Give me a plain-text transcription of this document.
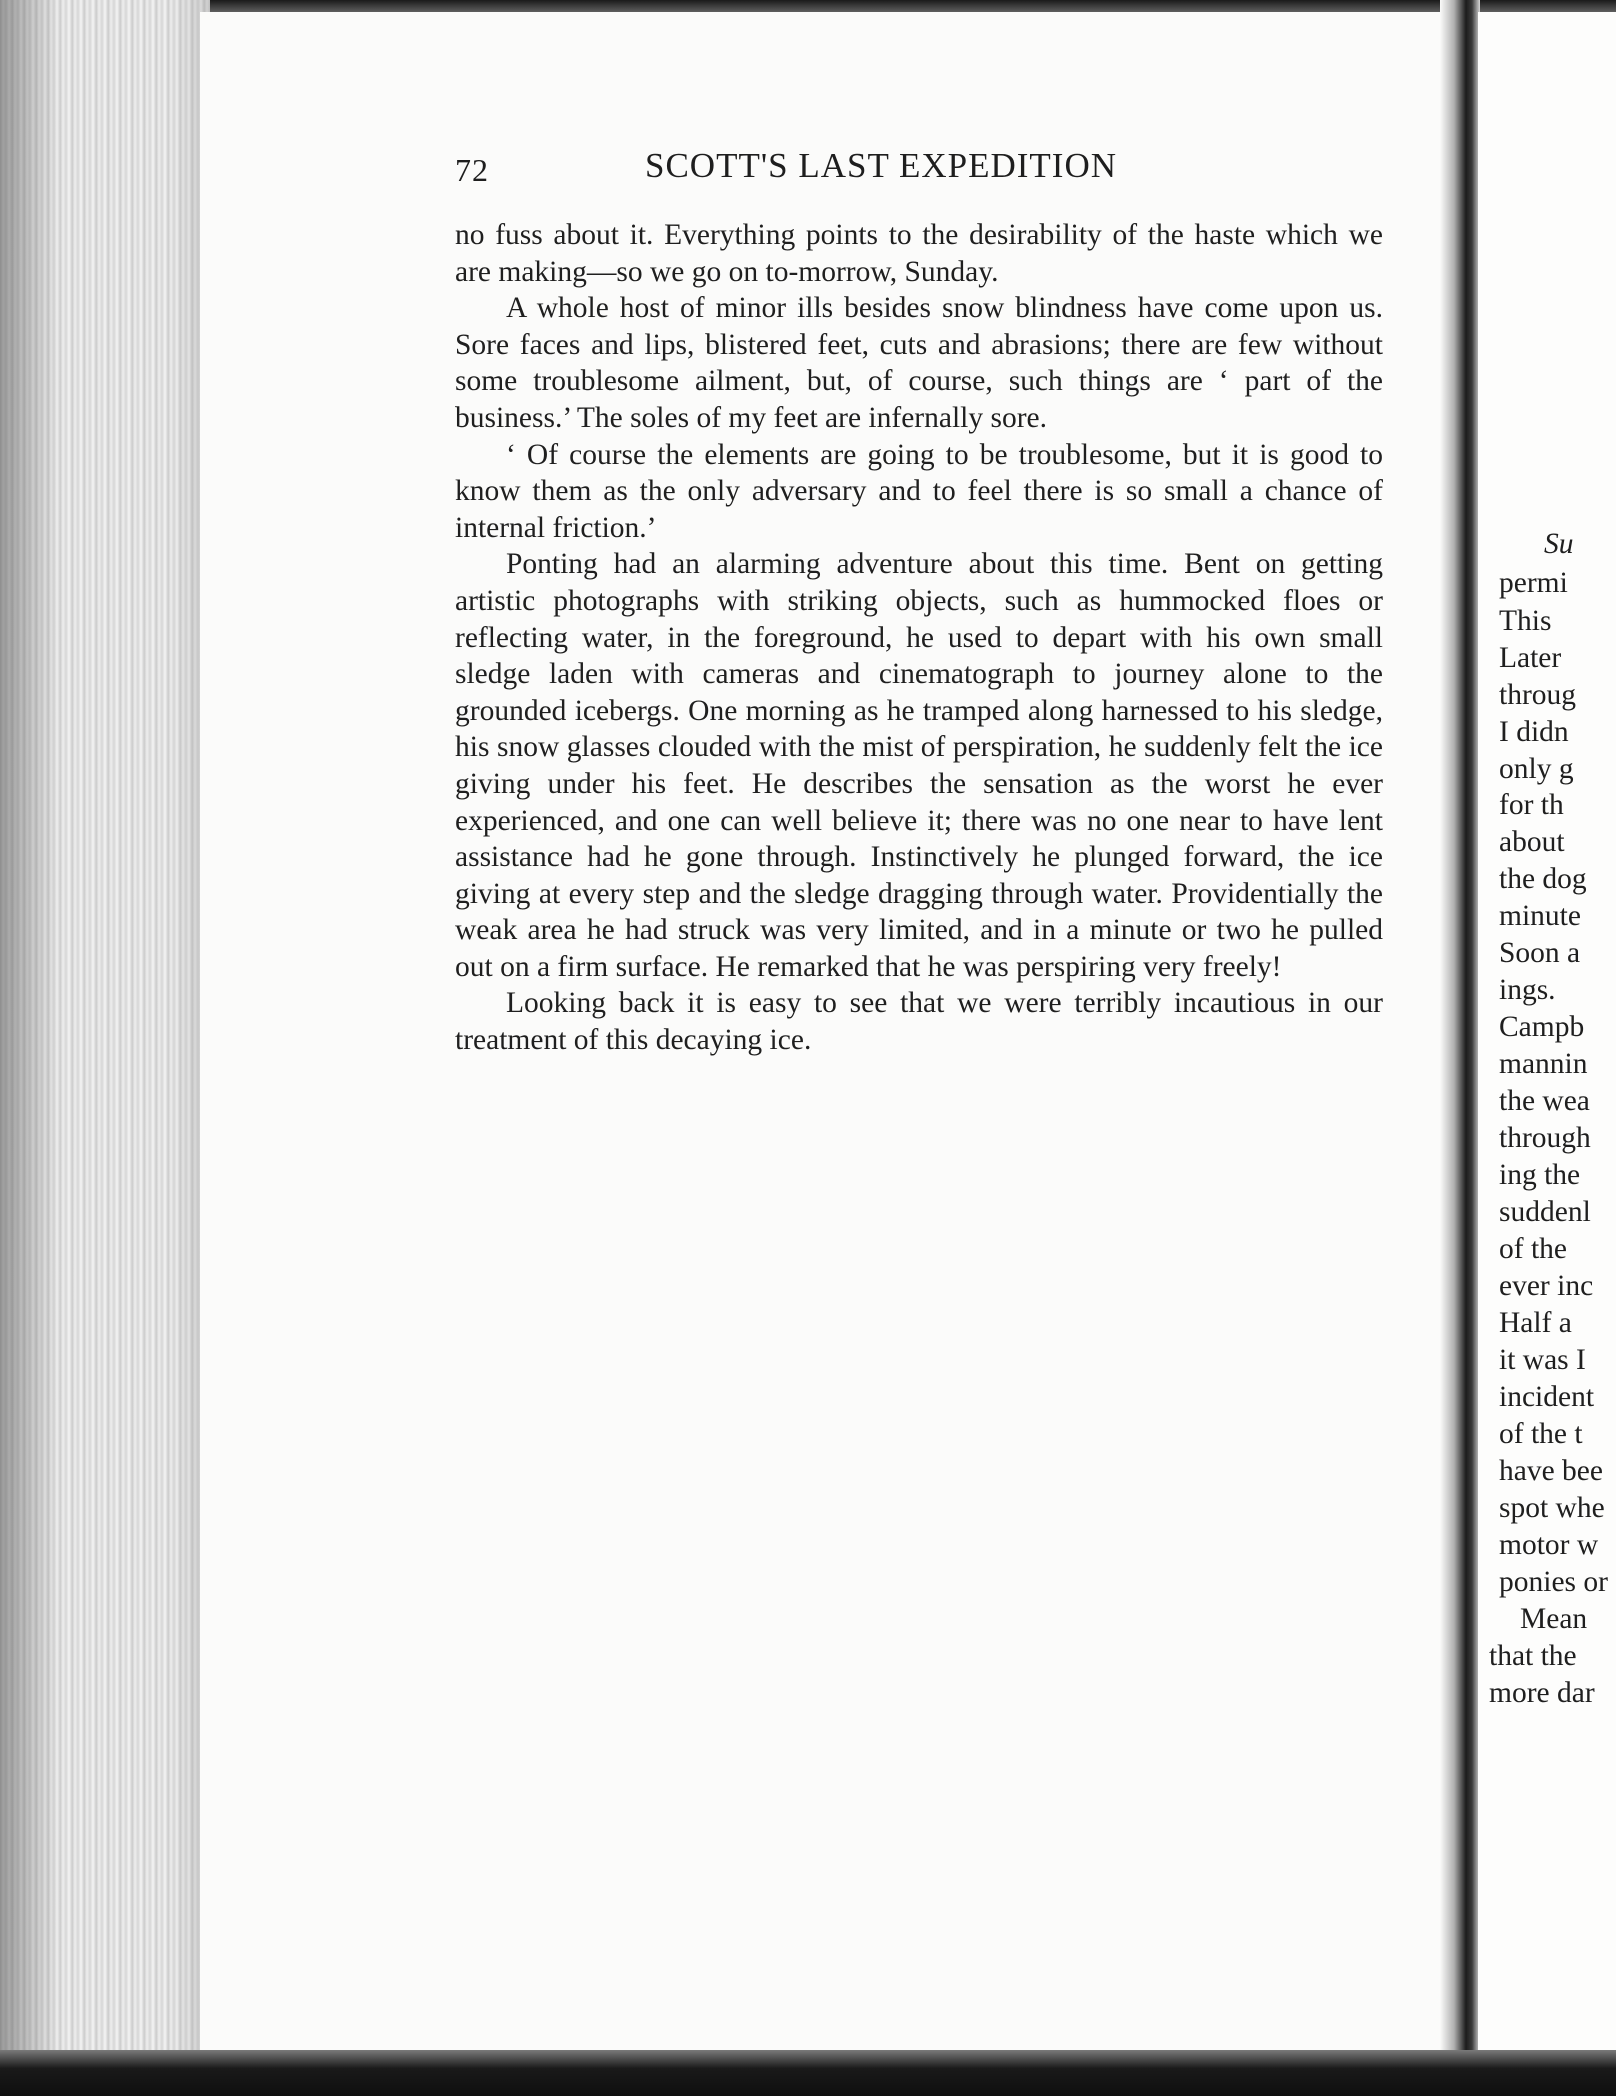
72	SCOTT'S LAST EXPEDITION

no fuss about it. Everything points to the desirability of the haste which we are making—so we go on to-morrow, Sunday.

A whole host of minor ills besides snow blindness have come upon us. Sore faces and lips, blistered feet, cuts and abrasions; there are few without some troublesome ailment, but, of course, such things are ‘ part of the business.’ The soles of my feet are infernally sore.

‘ Of course the elements are going to be troublesome, but it is good to know them as the only adversary and to feel there is so small a chance of internal friction.’

Ponting had an alarming adventure about this time. Bent on getting artistic photographs with striking objects, such as hummocked floes or reflecting water, in the foreground, he used to depart with his own small sledge laden with cameras and cinematograph to journey alone to the grounded icebergs. One morning as he tramped along harnessed to his sledge, his snow glasses clouded with the mist of perspiration, he suddenly felt the ice giving under his feet. He describes the sensation as the worst he ever experienced, and one can well believe it; there was no one near to have lent assistance had he gone through. Instinctively he plunged forward, the ice giving at every step and the sledge dragging through water. Providentially the weak area he had struck was very limited, and in a minute or two he pulled out on a firm surface. He remarked that he was perspiring very freely!

Looking back it is easy to see that we were terribly incautious in our treatment of this decaying ice.

Su
permi
This
Later
throug
I didn
only g
for th
about
the dog
minute
Soon a
ings.
Campb
mannin
the wea
through
ing the
suddenl
of the
ever inc
Half a
it was I
incident
of the t
have bee
spot whe
motor w
ponies or
Mean
that the
more dar
